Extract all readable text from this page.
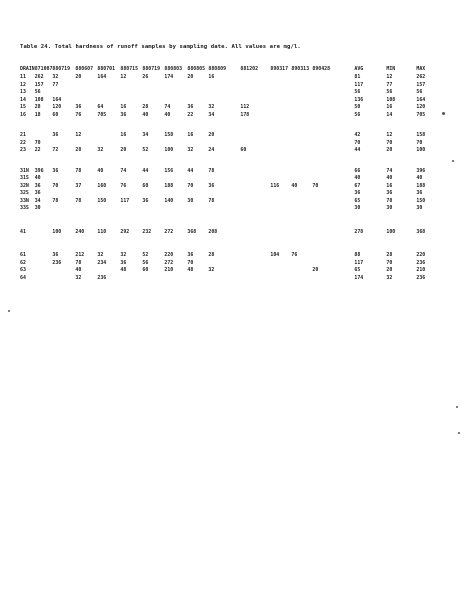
Table 24. Total hardness of runoff samples by sampling date. All values are mg/l.
DRAIN	871007	880719	880607	880701	880715	880719	880803	880805	880809	881202	890317	890313	890428	AVG	MIN	MAX
11	262	32	20	164	12	26	174	20	16					81	12	262
12	157	77												117	77	157
13	56													56	56	56
14	108	164												136	108	164
15	28	120	36	64	16	28	74	36	32	112				50	16	120
16	18	60	76	705	36	40	40	22	34	178				56	14	705

21		36	12		16	34	158	16	20					42	12	158
22	70													70	70	70
23	22	72	28	32	20	52	100	32	24	60				44	20	100

31N	396	36	78	40	74	44	156	44	78					66	74	396
31S	40													40	40	40
32N	36	70	37	160	76	60	188	70	36		116	40	70	67	16	188
32S	36													36	36	36
33N	34	78	78	150	117	36	140	30	78					65	78	150
33S	30													30	30	30

41		100	240	110	292	232	272	368	208					278	100	368

61		36	212	32	32	52	220	36	28		104	76		88	28	220
62		236	78	234	36	56	272	70						117	70	236
63			40		48	60	210	48	32				20	65	20	210
64			32	236										174	32	236
